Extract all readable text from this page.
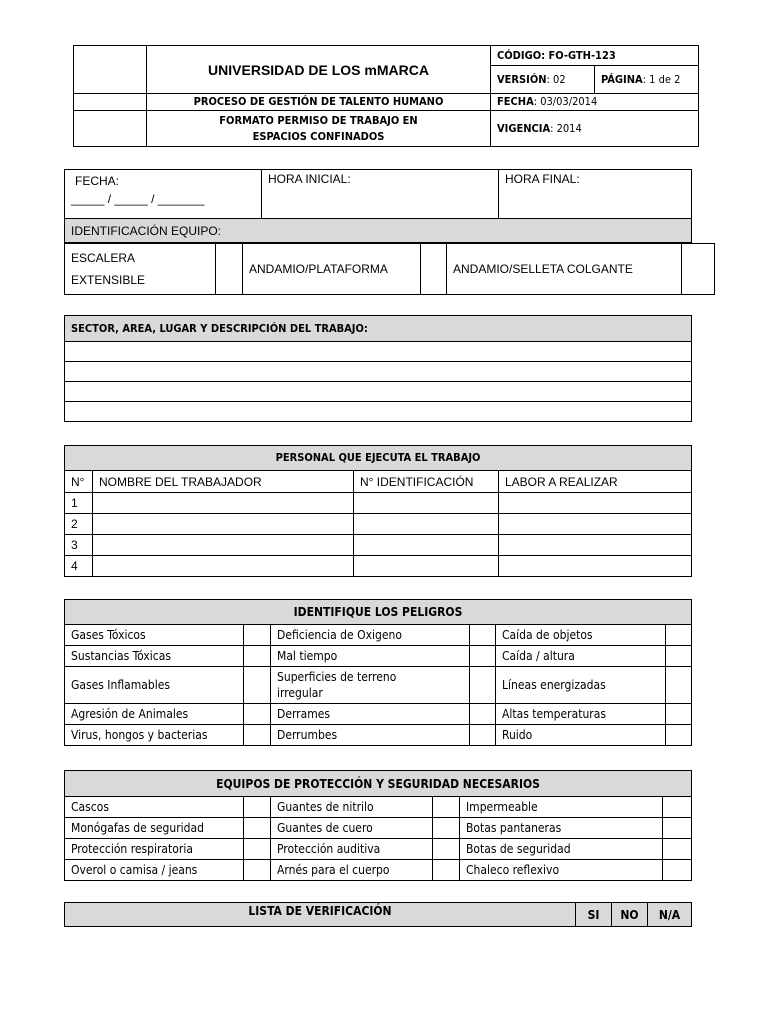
	UNIVERSIDAD DE LOS mMARCA	CÓDIGO: FO-GTH-123	
		VERSIÓN: 02	PÁGINA: 1 de 2
	PROCESO DE GESTIÓN DE TALENTO HUMANO	FECHA: 03/03/2014	
	FORMATO PERMISO DE TRABAJO EN ESPACIOS CONFINADOS	VIGENCIA: 2014	
FECHA:
_____ / _____ / _______
	HORA INICIAL:	HORA FINAL:
IDENTIFICACIÓN EQUIPO:
ESCALERA EXTENSIBLE		ANDAMIO/PLATAFORMA		ANDAMIO/SELLETA COLGANTE	
SECTOR, AREA, LUGAR Y DESCRIPCIÓN DEL TRABAJO:

PERSONAL QUE EJECUTA EL TRABAJO			
N°	NOMBRE DEL TRABAJADOR	N° IDENTIFICACIÓN	LABOR A REALIZAR
1			
2			
3			
4			
IDENTIFIQUE LOS PELIGROS					
Gases Tóxicos		Deficiencia de Oxigeno		Caída de objetos	
Sustancias Tóxicas		Mal tiempo		Caída / altura	
Gases Inflamables		Superficies de terreno irregular		Líneas energizadas	
Agresión de Animales		Derrames		Altas temperaturas	
Virus, hongos y bacterias		Derrumbes		Ruido	
EQUIPOS DE PROTECCIÓN Y SEGURIDAD NECESARIOS					
Cascos		Guantes de nitrilo		Impermeable	
Monógafas de seguridad		Guantes de cuero		Botas pantaneras	
Protección respiratoria		Protección auditiva		Botas de seguridad	
Overol o camisa / jeans		Arnés para el cuerpo		Chaleco reflexivo	
LISTA DE VERIFICACIÓN	SI	NO	N/A
